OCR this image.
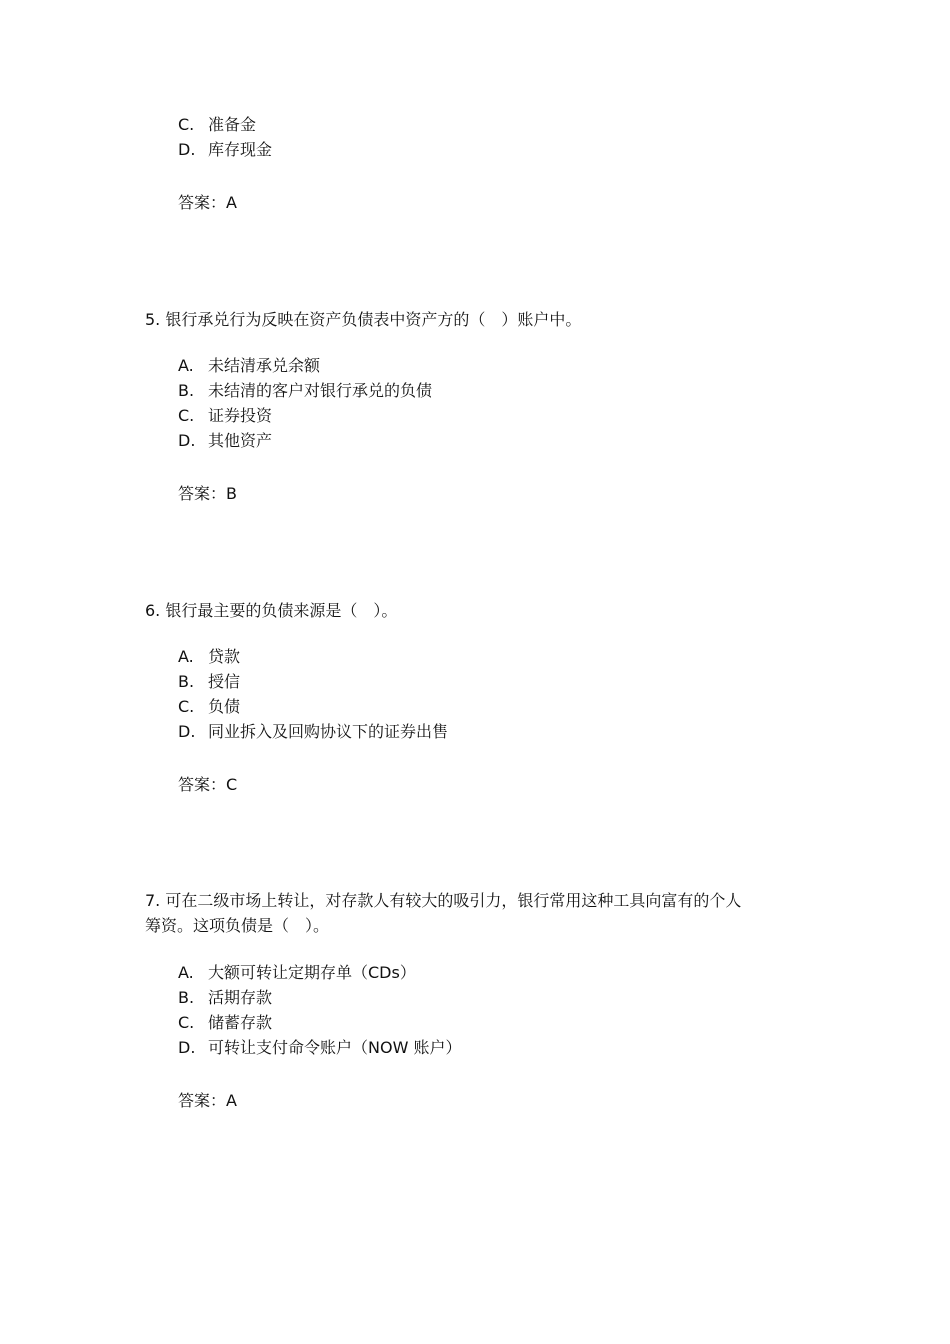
C. 准备金
D. 库存现金
答案：A
5. 银行承兑行为反映在资产负债表中资产方的（　）账户中。
A. 未结清承兑余额
B. 未结清的客户对银行承兑的负债
C. 证券投资
D. 其他资产
答案：B
6. 银行最主要的负债来源是（　）。
A. 贷款
B. 授信
C. 负债
D. 同业拆入及回购协议下的证券出售
答案：C
7. 可在二级市场上转让，对存款人有较大的吸引力，银行常用这种工具向富有的个人
筹资。这项负债是（　）。
A. 大额可转让定期存单（CDs）
B. 活期存款
C. 储蓄存款
D. 可转让支付命令账户（NOW 账户）
答案：A
